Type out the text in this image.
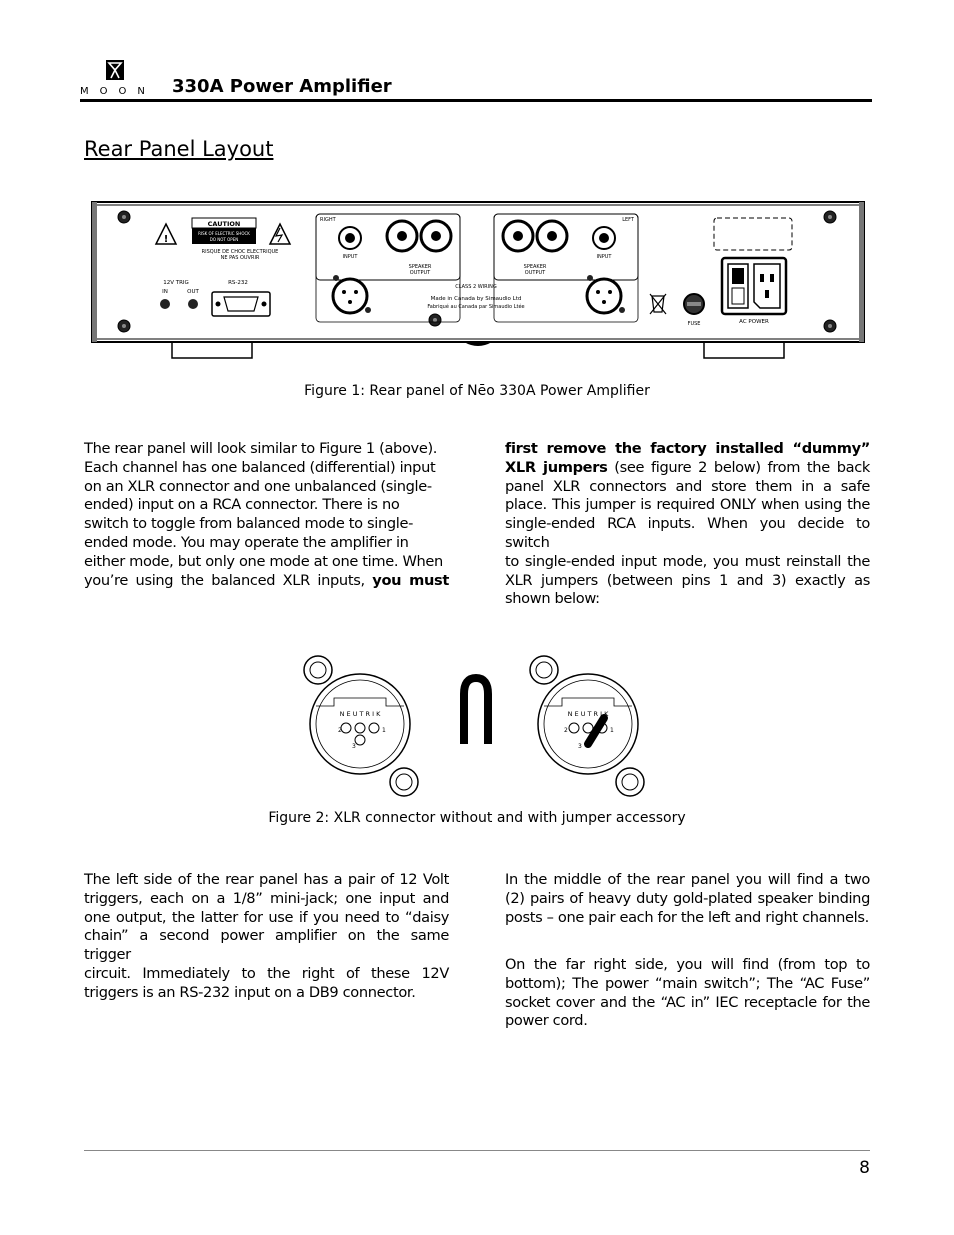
MOON 330A Power Amplifier
Rear Panel Layout
!
CAUTION
RISK OF ELECTRIC SHOCK
DO NOT OPEN
RISQUE DE CHOC ELECTRIQUE
NE PAS OUVRIR
12V TRIG
IN	OUT
RS-232
RIGHT
INPUT
SPEAKER
OUTPUT
LEFT
SPEAKER
OUTPUT
INPUT
CLASS 2 WIRING
Made in Canada by Simaudio Ltd
Fabriqué au Canada par Simaudio Ltée
FUSE	AC POWER
Figure 1: Rear panel of Nēo 330A Power Amplifier
The rear panel will look similar to Figure 1 (above).
Each channel has one balanced (differential) input
on an XLR connector and one unbalanced (single-
ended) input on a RCA connector. There is no
switch to toggle from balanced mode to single-
ended mode. You may operate the amplifier in
either mode, but only one mode at one time. When
you’re using the balanced XLR inputs, you must
first remove the factory installed “dummy”
XLR jumpers (see figure 2 below) from the back
panel XLR connectors and store them in a safe
place. This jumper is required ONLY when using the
single-ended RCA inputs. When you decide to switch
to single-ended input mode, you must reinstall the
XLR jumpers (between pins 1 and 3) exactly as
shown below:
N E U T R I K
2	1
3
N E U T R I K
2	1
3
Figure 2: XLR connector without and with jumper accessory
The left side of the rear panel has a pair of 12 Volt
triggers, each on a 1/8” mini-jack; one input and
one output, the latter for use if you need to “daisy
chain” a second power amplifier on the same trigger
circuit. Immediately to the right of these 12V
triggers is an RS-232 input on a DB9 connector.
In the middle of the rear panel you will find a two
(2) pairs of heavy duty gold-plated speaker binding
posts – one pair each for the left and right channels.
On the far right side, you will find (from top to
bottom); The power “main switch”; The “AC Fuse”
socket cover and the “AC in” IEC receptacle for the
power cord.
8
